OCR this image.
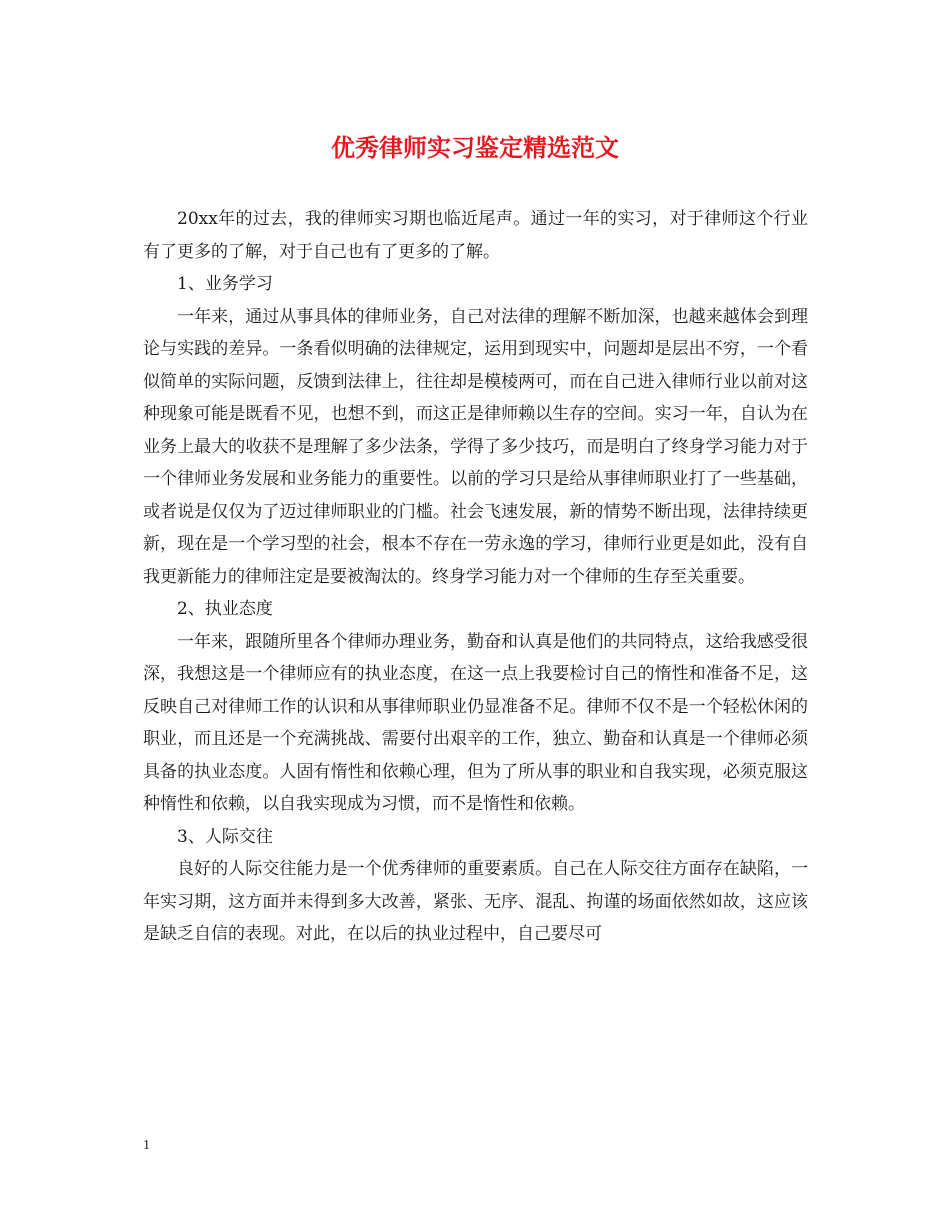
优秀律师实习鉴定精选范文

20xx年的过去，我的律师实习期也临近尾声。通过一年的实习，对于律师这个行业有了更多的了解，对于自己也有了更多的了解。

1、业务学习

一年来，通过从事具体的律师业务，自己对法律的理解不断加深，也越来越体会到理论与实践的差异。一条看似明确的法律规定，运用到现实中，问题却是层出不穷，一个看似简单的实际问题，反馈到法律上，往往却是模棱两可，而在自己进入律师行业以前对这种现象可能是既看不见，也想不到，而这正是律师赖以生存的空间。实习一年，自认为在业务上最大的收获不是理解了多少法条，学得了多少技巧，而是明白了终身学习能力对于一个律师业务发展和业务能力的重要性。以前的学习只是给从事律师职业打了一些基础，或者说是仅仅为了迈过律师职业的门槛。社会飞速发展，新的情势不断出现，法律持续更新，现在是一个学习型的社会，根本不存在一劳永逸的学习，律师行业更是如此，没有自我更新能力的律师注定是要被淘汰的。终身学习能力对一个律师的生存至关重要。

2、执业态度

一年来，跟随所里各个律师办理业务，勤奋和认真是他们的共同特点，这给我感受很深，我想这是一个律师应有的执业态度，在这一点上我要检讨自己的惰性和准备不足，这反映自己对律师工作的认识和从事律师职业仍显准备不足。律师不仅不是一个轻松休闲的职业，而且还是一个充满挑战、需要付出艰辛的工作，独立、勤奋和认真是一个律师必须具备的执业态度。人固有惰性和依赖心理，但为了所从事的职业和自我实现，必须克服这种惰性和依赖，以自我实现成为习惯，而不是惰性和依赖。

3、人际交往

良好的人际交往能力是一个优秀律师的重要素质。自己在人际交往方面存在缺陷，一年实习期，这方面并未得到多大改善，紧张、无序、混乱、拘谨的场面依然如故，这应该是缺乏自信的表现。对此，在以后的执业过程中，自己要尽可

1
